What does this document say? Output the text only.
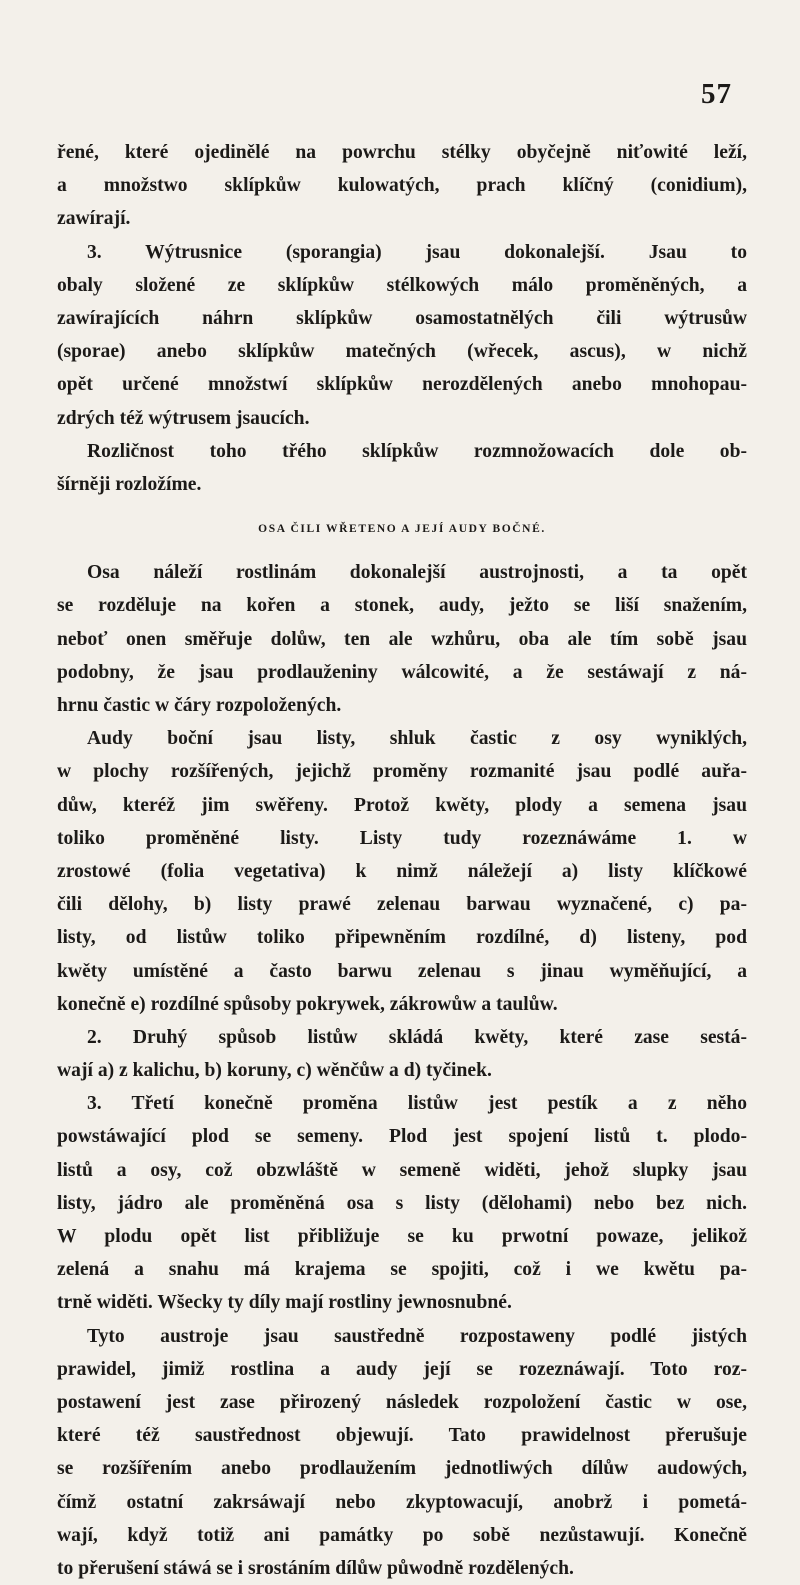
57
řené, které ojedinělé na powrchu stélky obyčejně niťowité leží,
a množstwo sklípkůw kulowatých, prach klíčný (conidium),
zawírají.
3. Wýtrusnice (sporangia) jsau dokonalejší. Jsau to
obaly složené ze sklípkůw stélkowých málo proměněných, a
zawírajících náhrn sklípkůw osamostatnělých čili wýtrusůw
(sporae) anebo sklípkůw matečných (wřecek, ascus), w nichž
opět určené množstwí sklípkůw nerozdělených anebo mnohopau-
zdrých též wýtrusem jsaucích.
Rozličnost toho třého sklípkůw rozmnožowacích dole ob-
šírněji rozložíme.
OSA ČILI WŘETENO A JEJÍ AUDY BOČNÉ.
Osa náleží rostlinám dokonalejší austrojnosti, a ta opět
se rozděluje na kořen a stonek, audy, ježto se liší snažením,
neboť onen směřuje dolůw, ten ale wzhůru, oba ale tím sobě jsau
podobny, že jsau prodlauženiny wálcowité, a že sestáwají z ná-
hrnu častic w čáry rozpoložených.
Audy boční jsau listy, shluk častic z osy wyniklých,
w plochy rozšířených, jejichž proměny rozmanité jsau podlé auřa-
důw, kteréž jim swěřeny. Protož kwěty, plody a semena jsau
toliko proměněné listy. Listy tudy rozeznáwáme 1. w
zrostowé (folia vegetativa) k nimž náležejí a) listy klíčkowé
čili dělohy, b) listy prawé zelenau barwau wyznačené, c) pa-
listy, od listůw toliko připewněním rozdílné, d) listeny, pod
kwěty umístěné a často barwu zelenau s jinau wyměňující, a
konečně e) rozdílné spůsoby pokrywek, zákrowůw a taulůw.
2. Druhý spůsob listůw skládá kwěty, které zase sestá-
wají a) z kalichu, b) koruny, c) wěnčůw a d) tyčinek.
3. Třetí konečně proměna listůw jest pestík a z něho
powstáwající plod se semeny. Plod jest spojení listů t. plodo-
listů a osy, což obzwláště w semeně widěti, jehož slupky jsau
listy, jádro ale proměněná osa s listy (dělohami) nebo bez nich.
W plodu opět list přibližuje se ku prwotní powaze, jelikož
zelená a snahu má krajema se spojiti, což i we kwětu pa-
trně widěti. Wšecky ty díly mají rostliny jewnosnubné.
Tyto austroje jsau saustředně rozpostaweny podlé jistých
prawidel, jimiž rostlina a audy její se rozeznáwají. Toto roz-
postawení jest zase přirozený následek rozpoložení častic w ose,
které též saustřednost objewují. Tato prawidelnost přerušuje
se rozšířením anebo prodlaužením jednotliwých dílůw audowých,
čímž ostatní zakrsáwají nebo zkyptowacují, anobrž i pometá-
wají, když totiž ani památky po sobě nezůstawují. Konečně
to přerušení stáwá se i srostáním dílůw půwodně rozdělených.
